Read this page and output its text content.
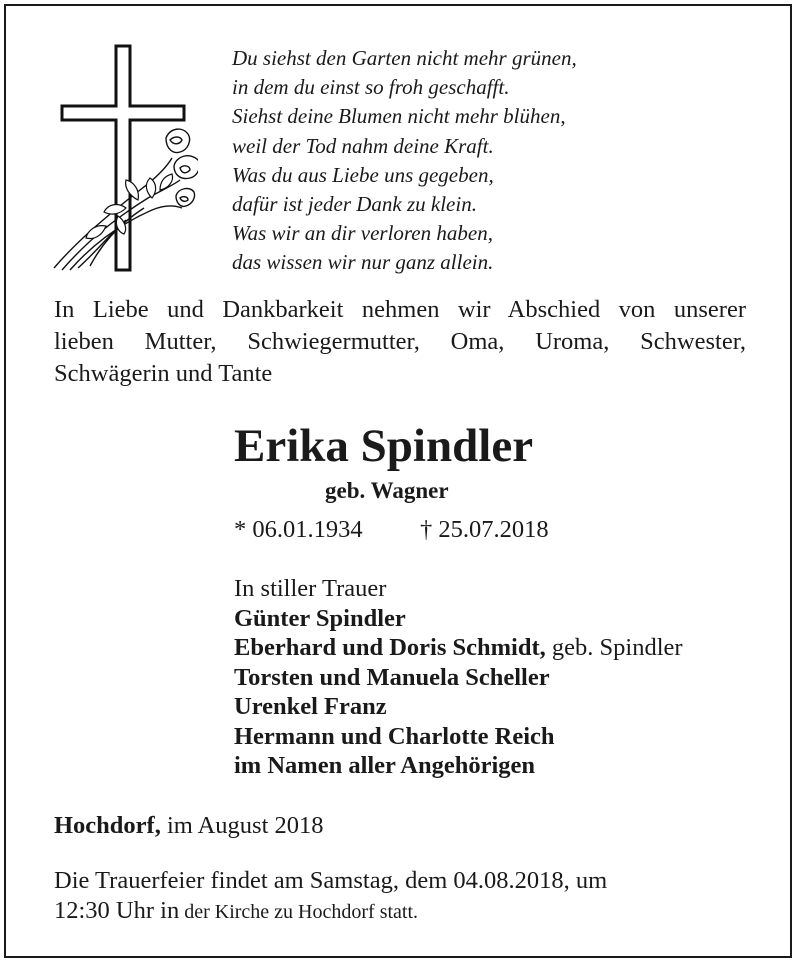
Du siehst den Garten nicht mehr grünen,
in dem du einst so froh geschafft.
Siehst deine Blumen nicht mehr blühen,
weil der Tod nahm deine Kraft.
Was du aus Liebe uns gegeben,
dafür ist jeder Dank zu klein.
Was wir an dir verloren haben,
das wissen wir nur ganz allein.
In Liebe und Dankbarkeit nehmen wir Abschied von unserer
lieben Mutter, Schwiegermutter, Oma, Uroma, Schwester,
Schwägerin und Tante
Erika Spindler
geb. Wagner
* 06.01.1934 † 25.07.2018
In stiller Trauer
Günter Spindler
Eberhard und Doris Schmidt, geb. Spindler
Torsten und Manuela Scheller
Urenkel Franz
Hermann und Charlotte Reich
im Namen aller Angehörigen
Hochdorf, im August 2018
Die Trauerfeier findet am Samstag, dem 04.08.2018, um
12:30 Uhr in der Kirche zu Hochdorf statt.
